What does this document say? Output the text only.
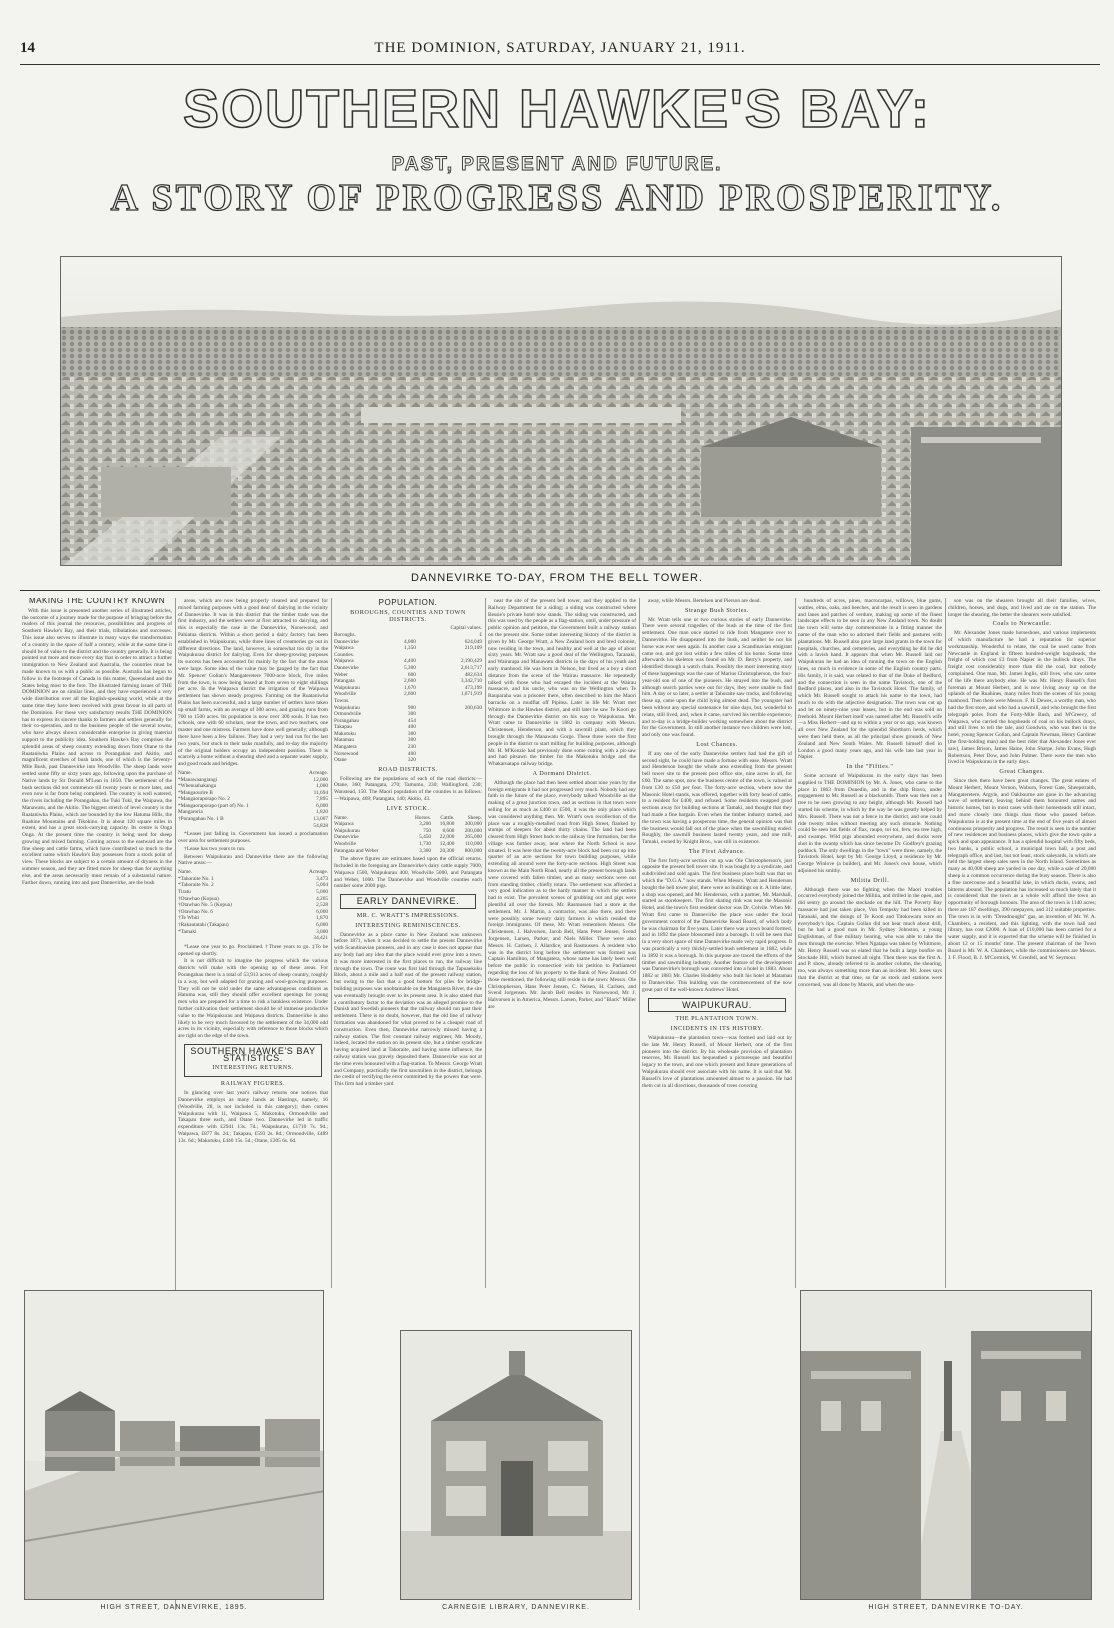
14	THE DOMINION, SATURDAY, JANUARY 21, 1911.
SOUTHERN HAWKE'S BAY:
PAST, PRESENT AND FUTURE.
A STORY OF PROGRESS AND PROSPERITY.
DANNEVIRKE TO-DAY, FROM THE BELL TOWER.
MAKING THE COUNTRY KNOWN

With this issue is presented another series of illustrated articles, the outcome of a journey made for the purpose of bringing before the readers of this journal the resources, possibilities and progress of Southern Hawke's Bay, and their trials, tribulations and successes. This issue also serves to illustrate in many ways the transformation of a country in the space of half a century, while at the same time it should be of value to the district and the country generally. It is being pointed out more and more every day that in order to attract a further immigration to New Zealand and Australia, the countries must be made known to us with a public as possible. Australia has begun to follow in the footsteps of Canada in this matter, Queensland and the States being most to the fore. The illustrated farming issues of THE DOMINION are on similar lines, and they have experienced a very wide distribution over all the English-speaking world, while at the same time they have been received with great favour in all parts of the Dominion. For these very satisfactory results THE DOMINION has to express its sincere thanks to farmers and settlers generally for their co-operation, and to the business people of the several towns, who have always shown considerable enterprise in giving material support to the publicity idea. Southern Hawke's Bay comprises the splendid areas of sheep country extending down from Otane to the Ruataniwha Plains and across to Porangahau and Akitio, and magnificent stretches of bush lands, one of which is the Seventy-Mile Bush, past Dannevirke into Woodville. The sheep lands were settled some fifty or sixty years ago, following upon the purchase of Native lands by Sir Donald M'Lean in 1850. The settlement of the bush sections did not commence till twenty years or more later, and even now is far from being completed. The country is well watered, the rivers including the Porangahau, the Tuki Tuki, the Waipawa, the Manawatu, and the Akitio. The biggest stretch of level country is the Ruataniwha Plains, which are bounded by the low Hatuma Hills, the Ruahine Mountains and Tikokino. It is about 120 square miles in extent, and has a great stock-carrying capacity. Its centre is Onga Onga. At the present time the country is being used for sheep growing and mixed farming. Coming across to the eastward are the fine sheep and cattle farms, which have contributed so much to the excellent name which Hawke's Bay possesses from a stock point of view. These blocks are subject to a certain amount of dryness in the summer season, and they are fitted more for sheep than for anything else, and the areas necessarily must remain of a substantial nature. Farther down, running into and past Dannevirke, are the bush

areas, which are now being properly cleared and prepared for mixed farming purposes with a good deal of dairying in the vicinity of Dannevirke. It was in this district that the timber trade was the first industry, and the settlers were at first attracted to dairying, and this is especially the case in the Dannevirke, Norsewood, and Pahiatua districts. Within a short period a dairy factory has been established in Waipukurau, while three lines of creameries go out in different directions. The land, however, is somewhat too dry in the Waipukurau district for dairying. Even for sheep-growing purposes its success has been accounted for mainly by the fact that the areas were large. Some idea of the value may be gauged by the fact that Mr. Spencer Gollan's Mangateretere 7000-acre block, five miles from the town, is now being leased at from seven to eight shillings per acre. In the Waipawa district the irrigation of the Waipawa settlement has shown steady progress. Farming on the Ruataniwha Plains has been successful, and a large number of settlers have taken up small farms, with an average of 300 acres, and grazing runs from 700 to 1500 acres. Its population is now over 300 souls. It has two schools, one with 60 scholars, near the town, and two teachers, one master and one mistress. Farmers have done well generally; although there have been a few failures. They had a very bad run for the last two years, but stuck to their tasks manfully, and to-day the majority of the original holders occupy an independent position. There is scarcely a home without a shearing shed and a separate water supply, and good roads and bridges.

Name.	Acreage.
*Manawaangiangi	12,000
*Whenuahakanga	1,000
*Mangaourire B	11,694
*Mangaoraporapo No. 2	7,895
*Mangaoraporapo (part of) No. 1	6,000
Mangaroria	1,820
†Porangahau No. 1 B	13,007
	54,828

*Leases just falling in. Government has issued a proclamation over area for settlement purposes.

†Lease has two years to run.

Between Waipukurau and Dannevirke there are the following Native areas:—

Name.	Acreage.
*Tahoraite No. 1	3,473
*Tahoraite No. 2	5,004
Tiratu	5,000
†Otawhao (Kopua)	4,265
†Otawhao No. 5 (Kopua)	2,528
†Otawhao No. 6	6,000
†Te Whiti	1,870
†Rakautatahi (Takapau)	6,000
*Tamaki	3,000
	34,421

*Lease one year to go. Proclaimed. †Three years to go. ‡To be opened up shortly.

It is not difficult to imagine the progress which the various districts will make with the opening up of these areas. For Porangahau there is a total of 53,913 acres of sheep country, roughly in a way, but well adapted for grazing and wool-growing purposes. They will not be sold under the same advantageous conditions as Hatuma was, still they should offer excellent openings for young men who are prepared for a time to risk a bankless existence. Under further cultivation their settlement should be of immense productive value to the Waipukurau and Waipawa districts. Dannevirke is also likely to be very much favoured by the settlement of the 34,000 odd acres in its vicinity, especially with reference to those blocks which are right on the edge of the town.

SOUTHERN HAWKE'S BAY STATISTICS.
INTERESTING RETURNS.
RAILWAY FIGURES.

In glancing over last year's railway returns one notices that Dannevirke employs as many hands as Hastings, namely, 16 (Woodville, 28, is not included in this category); then comes Waipukurau with 11, Waipawa 5, Makotuku, Ormondville and Takapau three each, and Otane two. Dannevirke led in traffic expenditure with £2941 13s. 7d.; Waipukurau, £1710 7s. 9d.; Waipawa, £877 8s. 2d.; Takapau, £593 2s. 8d.; Ormondville, £489 13s. 6d.; Makotuku, £440 15s. 5d.; Otane, £305 6s. 6d.

POPULATION.
BOROUGHS, COUNTIES AND TOWN DISTRICTS.
		Capital values.
Boroughs.		£
Dannevirke	4,000	624,049
Waipawa	1,350	219,109
Counties.		
Waipawa	4,400	2,190,429
Dannevirke	5,300	2,613,717
Weber	600	482,634
Patangata	2,600	3,342,710
Waipukurau	1,670	473,199
Woodville	2,600	1,671,919
Towns.		
Waipukurau	900	200,630
Ormondville	300	
Porangahau	454	
Takapau	400	
Makotuku	300	
Matamau	300	
Mangatera	230	
Norsewood	400	
Otane	320	
ROAD DISTRICTS.

Following are the populations of each of the road districts:—Otane, 360; Patangata, 270; Tamumu, 230; Wallingford, 230; Wanstead, 150. The Maori population of the counties is as follows:—Waipawa, 469; Patangata, 140; Akitio, 43.

LIVE STOCK.
Name.	Horses.	Cattle.	Sheep.
Waipawa	3,200	16,800	300,000
Waipukurau	750	8,600	200,000
Dannevirke	5,450	22,000	265,000
Woodville	1,730	12,400	110,000
Patangata and Weber	3,300	20,300	800,000

The above figures are estimates based upon the official returns. Included in the foregoing are Dannevirke's dairy cattle supply 7000, Waipawa 1500, Waipukurau 400, Woodville 5000, and Patangata and Weber, 1000. The Dannevirke and Woodville counties each number some 2000 pigs.

EARLY DANNEVIRKE.
MR. C. WRATT'S IMPRESSIONS.
INTERESTING REMINISCENCES.

Dannevirke as a place came in New Zealand was unknown before 1871, when it was decided to settle the present Dannevirke with Scandinavian pioneers, and in any case it does not appear that any body had any idea that the place would ever grow into a town. It was more interested in the first places to run, the railway line through the town. The route was first laid through the Tapuaekuku Block, about a mile and a half east of the present railway station, but owing to the fact that a good bottom for piles for bridge-building purposes was unobtainable on the Mangatera River, the site was eventually brought over to its present area. It is also stated that a contributory factor to the deviation was an alleged promise to the Danish and Swedish pioneers that the railway should run past their settlement. There is no doubt, however, that the old line of railway formation was abandoned for what proved to be a cheaper road of construction. Even then, Dannevirke narrowly missed having a railway station. The first constant railway engineer, Mr. Moody, indeed, located the station on its present site, but a timber syndicate having acquired land at Tahoraite, and having some influence, the railway station was gravely deposited there. Dannevirke was not at the time even honoured with a flag-station. To Messrs. George Wratt and Company, practically the first sawmillers in the district, belongs the credit of rectifying the error committed by the powers that were. This firm had a timber yard

near the site of the present bell tower, and they applied to the Railway Department for a siding; a siding was constructed where Bessie's private hotel now stands. The siding was constructed, and this was used by the people as a flag-station, until, under pressure of public opinion and petition, the Government built a railway station on the present site. Some rather interesting history of the district is given by Mr. George Wratt, a New Zealand born and bred colonist, now residing in the town, and healthy and well at the age of about sixty years. Mr. Wratt saw a good deal of the Wellington, Taranaki, and Wairarapa and Manawatu districts in the days of his youth and early manhood. He was born in Nelson, but lived as a boy a short distance from the scene of the Wairau massacre. He repeatedly talked with those who had escaped the incident at the Wairau massacre, and his uncle, who was on the Wellington when Te Rauparaha was a prisoner there, often described to him the Maori barracks on a mudflat off Pipitea. Later in life Mr. Wratt met Whitmore in the Hawkes district, and still later he saw Te Kooti go through the Dannevirke district on his way to Waipukurau. Mr. Wratt came to Dannevirke in 1882 in company with Messrs. Christensen, Henderson, and with a sawmill plant, which they brought through the Manawatu Gorge. These three were the first people in the district to start milling for building purposes, although Mr. H. M'Kenzie had previously done some cutting with a pit-saw and had pitsawn the timber for the Makotuku bridge and the Whakaruatapu railway bridge.

A Dormant District.

Although the place had then been settled about nine years by the foreign emigrants it had not progressed very much. Nobody had any faith in the future of the place, everybody talked Woodville as the making of a great junction town, and as sections in that town were selling for as much as £400 or £500, it was the only place which was considered anything then. Mr. Wratt's own recollection of the place was a roughly-metalled road from High Street, flanked by stumps of sleepers for about thirty chains. The land had been cleared from High Street back to the railway line formation, but the village was further away, near where the North School is now situated. It was here that the twenty-acre block had been cut up into quarter of an acre sections for town building purposes, while extending all around were the forty-acre sections. High Street was known as the Main North Road, nearly all the present borough lands were covered with fallen timber, and as many sections were out from standing timber, chiefly totara. The settlement was afforded a very good indication as to the hardy manner in which the settlers had to exist. The prevalent scenes of grubbing out and pigs were plentiful all over the forests. Mr. Rasmussen had a store at the settlement. Mr. J. Martin, a contractor, was also there, and there were possibly some twenty dairy farmers in which resided the foreign immigrants. Of these, Mr. Wratt remembers Messrs. Ole Christensen, J. Halvorsen, Jacob Bell, Hans Peter Jensen, Svend Jorgensen, Larsen, Parker, and Niels Miller. There were also Messrs. H. Carlsen, J. Allardice, and Rasmussen. A resident who was in the district long before the settlement was formed was Captain Hamilton, of Mangatera, whose name has lately been well before the public in connection with his petition to Parliament regarding the loss of his property to the Bank of New Zealand. Of those mentioned, the following still reside in the town: Messrs. Ole Christopherson, Hans Peter Jensen, C. Nelsen, H. Carlsen, and Svend Jorgensen. Mr. Jacob Bell resides in Norsewood, Mr. J. Halvorsen is in America, Messrs. Larsen, Parker, and "Black" Miller are

away, while Messrs. Bertelsen and Pierson are dead.

Strange Bush Stories.

Mr. Wratt tells one or two curious stories of early Dannevirke. There were several tragedies of the bush at the time of the first settlement. One man once started to ride from Mangatere over to Dannevirke. He disappeared into the bush, and neither he nor his horse was ever seen again. In another case a Scandinavian emigrant came out, and got lost within a few miles of his home. Some time afterwards his skeleton was found on Mr. D. Berry's property, and identified through a watch chain. Possibly the most interesting story of these happenings was the case of Marius Christopherson, the four-year-old son of one of the pioneers. He strayed into the bush, and although search parties were out for days, they were unable to find him. A day or so later, a settler at Tahoraite saw tracks, and following these up, came upon the child lying almost dead. The youngster had been without any special sustenance for nine days, but, wonderful to relate, still lived, and, when it came, survived his terrible experience, and to-day is a bridge-builder working somewhere about the district for the Government. In still another instance two children were lost, and only one was found.

Lost Chances.

If any one of the early Dannevirke settlers had had the gift of second sight, he could have made a fortune with ease. Messrs. Wratt and Henderson bought the whole area extending from the present bell tower site to the present post office site, nine acres in all, for £60. The same spot, now the business centre of the town, is valued at from £30 to £50 per foot. The forty-acre section, where now the Masonic Hotel stands, was offered, together with forty head of cattle, to a resident for £400, and refused. Some residents swapped good sections away for building sections at Tamaki, and thought that they had made a fine bargain. Even when the timber industry started, and the town was having a prosperous time, the general opinion was that the business would fall out of the place when the sawmilling ended. Roughly, the sawmill business lasted twenty years, and one mill, Tamaki, owned by Knight Bros., was still in existence.

The First Advance.

The first forty-acre section cut up was Ole Christopherson's, just opposite the present bell tower site. It was bought by a syndicate, and subdivided and sold again. The first business place built was that on which the "D.G.A." now stands. When Messrs. Wratt and Henderson bought the bell tower plot, there were no buildings on it. A little later, a shop was opened, and Mr. Henderson, with a partner, Mr. Marshall, started as storekeepers. The first skating rink was near the Masonic Hotel, and the town's first resident doctor was Dr. Colvile. When Mr. Wratt first came to Dannevirke the place was under the local government control of the Dannevirke Road Board, of which body he was chairman for five years. Later there was a town board formed, and in 1892 the place blossomed into a borough. It will be seen that in a very short space of time Dannevirke made very rapid progress. It was practically a very thickly-settled bush settlement in 1882, while in 1892 it was a borough. In this purpose are traced the efforts of the timber and sawmilling industry. Another feature of the development was Dannevirke's borough was converted into a hotel in 1883. About 1882 or 1883 Mr. Charles Hoddeby who built his hotel at Matamau to Dannevirke. This building was the commencement of the now great part of the well-known Andrews' Hotel.

WAIPUKURAU.
THE PLANTATION TOWN.
INCIDENTS IN ITS HISTORY.

Waipukurau—the plantation town—was formed and laid out by the late Mr. Henry Russell, of Mount Herbert, one of the first pioneers into the district. By his wholesale provision of plantation reserves, Mr. Russell has bequeathed a picturesque and beautiful legacy to the town, and one which present and future generations of Waipukurau should ever associate with his name. It is said that Mr. Russell's love of plantations amounted almost to a passion. He had them cut in all directions, thousands of trees covering

hundreds of acres, pines, macrocarpas, willows, blue gums, wattles, elms, oaks, and beeches, and the result is seen in gardens and lanes and patches of verdure, making up some of the finest landscape effects to be seen in any New Zealand town. No doubt the town will some day commemorate in a fitting manner the name of the man who so adorned their fields and pastures with plantations. Mr. Russell also gave large land grants in the town for hospitals, churches, and cemeteries, and everything he did he did with a lavish hand. It appears that when Mr. Russell laid out Waipukurau he had an idea of running the town on the English lines, so much in evidence in some of the English country parts. His family, it is said, was related to that of the Duke of Bedford, and the connection is seen in the name Tavistock, one of the Bedford places, and also in the Tavistock Hotel. The family, of which Mr. Russell sought to attach his name to the town, had much to do with the adjective designation. The town was cut up and let on ninety-nine year leases, but in the end was sold on freehold. Mount Herbert itself was named after Mr. Russell's wife—a Miss Herbert—and up to within a year or so ago, was known all over New Zealand for the splendid Shorthorn herds, which were then held there, as all the principal show grounds of New Zealand and New South Wales. Mr. Russell himself died in London a good many years ago, and his wife late last year in Napier.

In the "Fifties."

Some account of Waipukurau in the early days has been supplied to THE DOMINION by Mr. A. Jones, who came to the place in 1863 from Dunedin, and in the ship Bravo, under engagement to Mr. Russell as a blacksmith. There was then not a tree to be seen growing to any height, although Mr. Russell had started his scheme, in which by the way he was greatly helped by Mrs. Russell. There was not a fence in the district, and one could ride twenty miles without meeting any such obstacle. Nothing could be seen but fields of flax, raupo, toi toi, fern, tea tree high, and swamps. Wild pigs abounded everywhere, and ducks were shot in the swamp which has since become Dr. Godfrey's grazing paddock. The only dwellings in the "town" were three, namely, the Tavistock Hotel, kept by Mr. George Lloyd, a residence by Mr. George Winlove (a builder), and Mr. Jones's own house, which adjoined his smithy.

Militia Drill.

Although there was no fighting when the Maori troubles occurred everybody joined the Militia, and drilled in the open, and did sentry go around the stockade on the hill. The Poverty Bay massacre had just taken place, Von Tempsky had been killed in Taranaki, and the doings of Te Kooti and Titokowaru were on everybody's lips. Captain Gollan did not hear much about drill, but he had a good man in Mr. Sydney Johnston, a young Englishman, of fine military bearing, who was able to take the men through the exercise. When Ngatapa was taken by Whitmore, Mr. Henry Russell was so elated that he built a large bonfire on Stockade Hill, which burned all night. Then there was the first A. and P. show, already referred to in another column, the shearing, too, was always something more than an incident. Mr. Jones says that the district at that time, so far as stock and stations were concerned, was all done by Maoris, and when the sea-

son was on the shearers brought all their families, wives, children, horses, and dogs, and lived and ate on the station. The longer the shearing, the better the shearers were satisfied.

Coals to Newcastle.

Mr. Alexander Jones made horseshoes, and various implements of which manufacture he had a reputation for superior workmanship. Wonderful to relate, the coal he used came from Newcastle in England in fifteen hundred-weight hogsheads, the freight of which cost £3 from Napier in the bullock drays. The freight cost considerably more than did the coal, but nobody complained. One man, Mr. James Inglis, still lives, who saw some of the life there anybody else. He was Mr. Henry Russell's first foreman at Mount Herbert, and is now living away up on the uplands of the Ruahines, many miles from the scenes of his young manhood. Then there were Messrs. F. H. Dewes, a worthy man, who had the first store, and who had a sawmill, and who brought the first telegraph poles from the Forty-Mile Bush, and M'Greevy, of Waipawa, who carried the hogsheads of coal on his bullock drays, and still lives to tell the tale, and Goodwin, who was then in the hotel, young Spencer Gollan, and Captain Newman, Henry Gardiner (the first-holding man) and the best rider that Alexander Jones ever saw), James Brison, James Haine, John Sharpe, John Evans, Hugh Robertson, Peter Dow, and John Palmer. There were the men who lived in Waipukurau in the early days.

Great Changes.

Since then there have been great changes. The great estates of Mount Herbert, Mount Vernon, Woburn, Forest Gate, Sheepstraith, Mangateretere, Argyle, and Oakbourne are gone in the advancing wave of settlement, leaving behind them honoured names and historic homes, but in most cases with their homesteads still intact, and more closely into things than those who passed before. Waipukurau is at the present time at the end of five years of almost continuous prosperity and progress. The result is seen in the number of new residences and business places, which give the town quite a spick and span appearance. It has a splendid hospital with fifty beds, two banks, a public school, a municipal town hall, a post and telegraph office, and last, but not least, stock saleyards, in which are held the largest sheep sales seen in the North Island. Sometimes as many as 40,000 sheep are yarded in one day, while a sale of 20,000 sheep is a common occurrence during the busy season. There is also a fine racecourse and a beautiful lake, in which ducks, swans, and bitterns abound. The population has increased so much lately that it is considered that the town as a whole will afford the town an opportunity of borough honours. The area of the town is 1140 acres; there are 187 dwellings, 390 ratepayers, and 312 suitable properties. The town is in with "Dreadnought" gas, an invention of Mr. W. A. Chambers, a resident, and this lighting, with the town hall and library, has cost £2000. A loan of £10,000 has been carried for a water supply, and it is expected that the scheme will be finished in about 12 or 15 months' time. The present chairman of the Town Board is Mr. W. A. Chambers, while the commissioners are Messrs. J. F. Flood, B. J. M'Cormick, W. Grenfell, and W. Seymour.

HIGH STREET, DANNEVIRKE, 1895.	CARNEGIE LIBRARY, DANNEVIRKE.	HIGH STREET, DANNEVIRKE TO-DAY.
